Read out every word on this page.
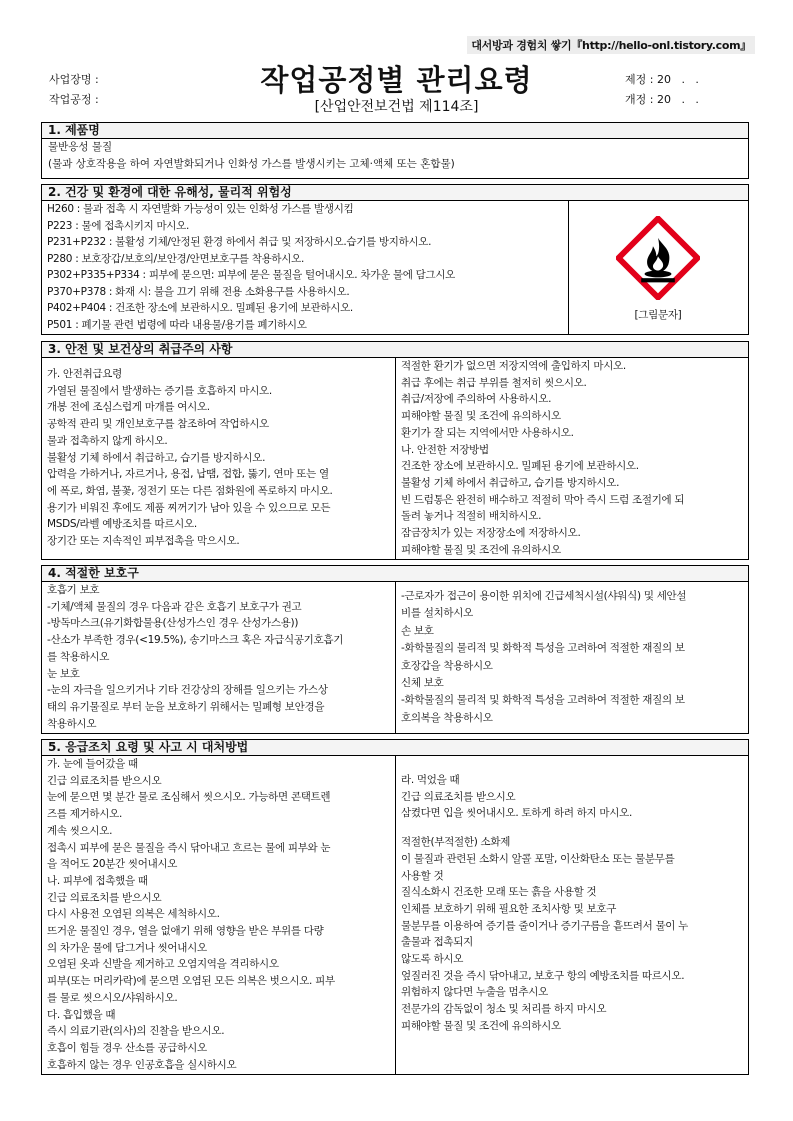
대서방과 경험치 쌓기『http://hello-onl.tistory.com』
사업장명 :
작업공정 :
작업공정별 관리요령
[산업안전보건법 제114조]
제정 : 20   .   .
개정 : 20   .   .
1. 제품명
물반응성 물질
(물과 상호작용을 하여 자연발화되거나 인화성 가스를 발생시키는 고체·액체 또는 혼합물)
2. 건강 및 환경에 대한 유해성, 물리적 위험성
H260 : 물과 접촉 시 자연발화 가능성이 있는 인화성 가스를 발생시킴
P223 : 물에 접촉시키지 마시오.
P231+P232 : 불활성 기체/안정된 환경 하에서 취급 및 저장하시오.습기를 방지하시오.
P280 : 보호장갑/보호의/보안경/안면보호구를 착용하시오.
P302+P335+P334 : 피부에 묻으면: 피부에 묻은 물질을 털어내시오. 차가운 물에 담그시오
P370+P378 : 화재 시: 불을 끄기 위해 전용 소화용구를 사용하시오.
P402+P404 : 건조한 장소에 보관하시오. 밀폐된 용기에 보관하시오.
P501 : 폐기물 관련 법령에 따라 내용물/용기를 폐기하시오
[그림문자]
3. 안전 및 보건상의 취급주의 사항
가. 안전취급요령
가열된 물질에서 발생하는 증기를 호흡하지 마시오.
개봉 전에 조심스럽게 마개를 여시오.
공학적 관리 및 개인보호구를 참조하여 작업하시오
물과 접촉하지 않게 하시오.
불활성 기체 하에서 취급하고, 습기를 방지하시오.
압력을 가하거나, 자르거나, 용접, 납땜, 접합, 뚫기, 연마 또는 열
에 폭로, 화염, 불꽃, 정전기 또는 다른 점화원에 폭로하지 마시오.
용기가 비워진 후에도 제품 찌꺼기가 남아 있을 수 있으므로 모든
MSDS/라벨 예방조치를 따르시오.
장기간 또는 지속적인 피부접촉을 막으시오.
적절한 환기가 없으면 저장지역에 출입하지 마시오.
취급 후에는 취급 부위를 철저히 씻으시오.
취급/저장에 주의하여 사용하시오.
피해야할 물질 및 조건에 유의하시오
환기가 잘 되는 지역에서만 사용하시오.
나. 안전한 저장방법
건조한 장소에 보관하시오. 밀폐된 용기에 보관하시오.
불활성 기체 하에서 취급하고, 습기를 방지하시오.
빈 드럼통은 완전히 배수하고 적절히 막아 즉시 드럼 조절기에 되
돌려 놓거나 적절히 배치하시오.
잠금장치가 있는 저장장소에 저장하시오.
피해야할 물질 및 조건에 유의하시오
4. 적절한 보호구
호흡기 보호
-기체/액체 물질의 경우 다음과 같은 호흡기 보호구가 권고
-방독마스크(유기화합물용(산성가스인 경우 산성가스용))
-산소가 부족한 경우(<19.5%), 송기마스크 혹은 자급식공기호흡기
를 착용하시오
눈 보호
-눈의 자극을 일으키거나 기타 건강상의 장해를 일으키는 가스상
태의 유기물질로 부터 눈을 보호하기 위해서는 밀폐형 보안경을
착용하시오
-근로자가 접근이 용이한 위치에 긴급세척시설(샤워식) 및 세안설
비를 설치하시오
손 보호
-화학물질의 물리적 및 화학적 특성을 고려하여 적절한 재질의 보
호장갑을 착용하시오
신체 보호
-화학물질의 물리적 및 화학적 특성을 고려하여 적절한 재질의 보
호의복을 착용하시오
5. 응급조치 요령 및 사고 시 대처방법
가. 눈에 들어갔을 때
긴급 의료조치를 받으시오
눈에 묻으면 몇 분간 물로 조심해서 씻으시오. 가능하면 콘택트렌
즈를 제거하시오.
계속 씻으시오.
접촉시 피부에 묻은 물질을 즉시 닦아내고 흐르는 물에 피부와 눈
을 적어도 20분간 씻어내시오
나. 피부에 접촉했을 때
긴급 의료조치를 받으시오
다시 사용전 오염된 의복은 세척하시오.
뜨거운 물질인 경우, 열을 없애기 위해 영향을 받은 부위를 다량
의 차가운 물에 담그거나 씻어내시오
오염된 옷과 신발을 제거하고 오염지역을 격리하시오
피부(또는 머리카락)에 묻으면 오염된 모든 의복은 벗으시오. 피부
를 물로 씻으시오/샤워하시오.
다. 흡입했을 때
즉시 의료기관(의사)의 진찰을 받으시오.
호흡이 힘들 경우 산소를 공급하시오
호흡하지 않는 경우 인공호흡을 실시하시오
라. 먹었을 때
긴급 의료조치를 받으시오
삼켰다면 입을 씻어내시오. 토하게 하려 하지 마시오.
적절한(부적절한) 소화제
이 물질과 관련된 소화시 알콜 포말, 이산화탄소 또는 물분무를
사용할 것
질식소화시 건조한 모래 또는 흙을 사용할 것
인체를 보호하기 위해 필요한 조치사항 및 보호구
물분무를 이용하여 증기를 줄이거나 증기구름을 흩뜨려서 물이 누
출물과 접촉되지
않도록 하시오
엎질러진 것을 즉시 닦아내고, 보호구 항의 예방조치를 따르시오.
위험하지 않다면 누출을 멈추시오
전문가의 감독없이 청소 및 처리를 하지 마시오
피해야할 물질 및 조건에 유의하시오
